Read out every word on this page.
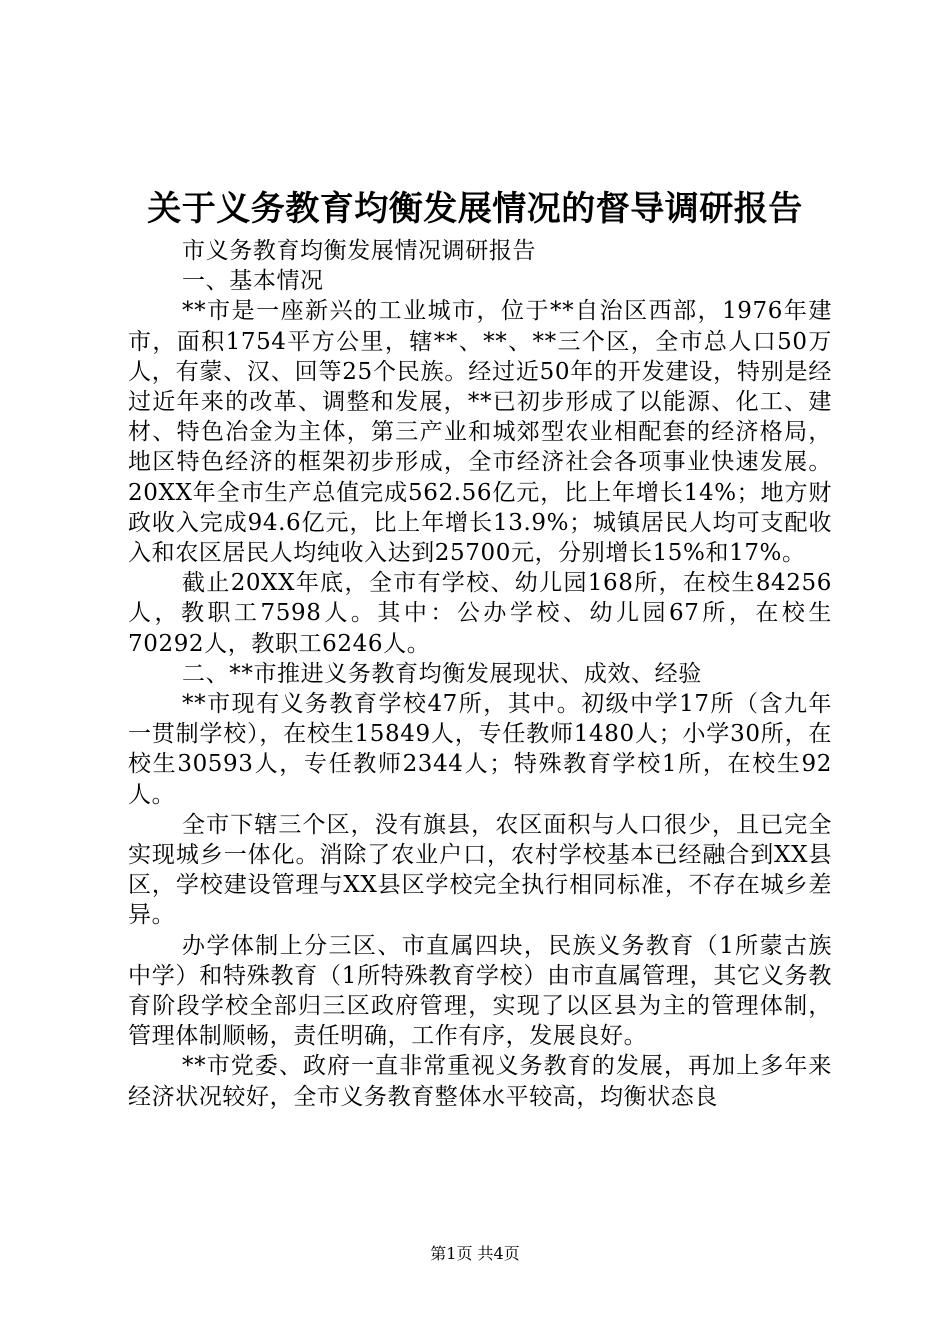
关于义务教育均衡发展情况的督导调研报告

市义务教育均衡发展情况调研报告

一、基本情况

**市是一座新兴的工业城市，位于**自治区西部，1976年建市，面积1754平方公里，辖**、**、**三个区，全市总人口50万人，有蒙、汉、回等25个民族。经过近50年的开发建设，特别是经过近年来的改革、调整和发展，**已初步形成了以能源、化工、建材、特色冶金为主体，第三产业和城郊型农业相配套的经济格局，地区特色经济的框架初步形成，全市经济社会各项事业快速发展。20XX年全市生产总值完成562.56亿元，比上年增长14%；地方财政收入完成94.6亿元，比上年增长13.9%；城镇居民人均可支配收入和农区居民人均纯收入达到25700元，分别增长15%和17%。

截止20XX年底，全市有学校、幼儿园168所，在校生84256人，教职工7598人。其中：公办学校、幼儿园67所，在校生70292人，教职工6246人。

二、**市推进义务教育均衡发展现状、成效、经验

**市现有义务教育学校47所，其中。初级中学17所（含九年一贯制学校），在校生15849人，专任教师1480人；小学30所，在校生30593人，专任教师2344人；特殊教育学校1所，在校生92人。

全市下辖三个区，没有旗县，农区面积与人口很少，且已完全实现城乡一体化。消除了农业户口，农村学校基本已经融合到XX县区，学校建设管理与XX县区学校完全执行相同标准，不存在城乡差异。

办学体制上分三区、市直属四块，民族义务教育（1所蒙古族中学）和特殊教育（1所特殊教育学校）由市直属管理，其它义务教育阶段学校全部归三区政府管理，实现了以区县为主的管理体制，管理体制顺畅，责任明确，工作有序，发展良好。

**市党委、政府一直非常重视义务教育的发展，再加上多年来经济状况较好，全市义务教育整体水平较高，均衡状态良

第1页 共4页
